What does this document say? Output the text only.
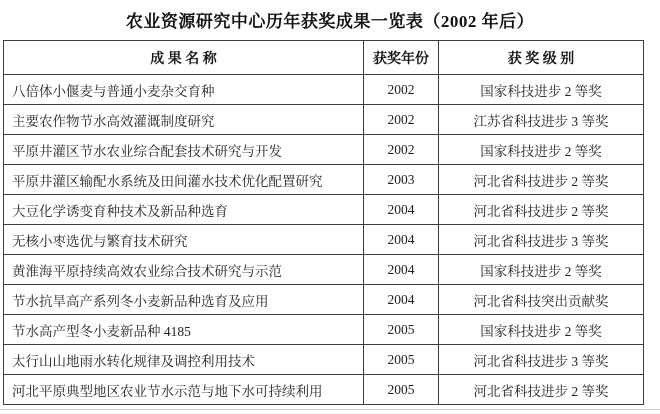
农业资源研究中心历年获奖成果一览表（2002 年后）
成 果 名 称	获奖年份	获 奖 级 别
八倍体小偃麦与普通小麦杂交育种	2002	国家科技进步 2 等奖
主要农作物节水高效灌溉制度研究	2002	江苏省科技进步 3 等奖
平原井灌区节水农业综合配套技术研究与开发	2002	国家科技进步 2 等奖
平原井灌区输配水系统及田间灌水技术优化配置研究	2003	河北省科技进步 2 等奖
大豆化学诱变育种技术及新品种选育	2004	河北省科技进步 2 等奖
无核小枣选优与繁育技术研究	2004	河北省科技进步 3 等奖
黄淮海平原持续高效农业综合技术研究与示范	2004	国家科技进步 2 等奖
节水抗旱高产系列冬小麦新品种选育及应用	2004	河北省科技突出贡献奖
节水高产型冬小麦新品种 4185	2005	国家科技进步 2 等奖
太行山山地雨水转化规律及调控利用技术	2005	河北省科技进步 3 等奖
河北平原典型地区农业节水示范与地下水可持续利用	2005	河北省科技进步 2 等奖
